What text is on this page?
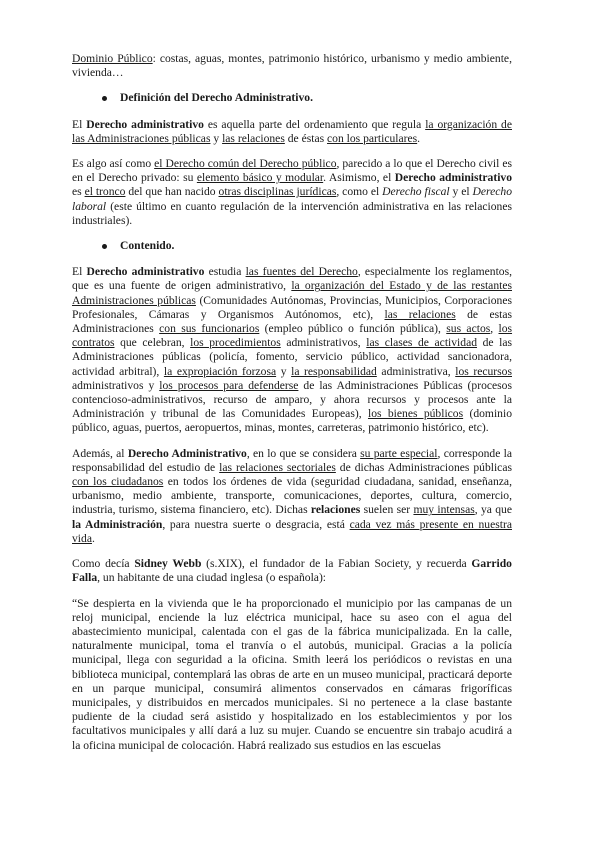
Dominio Público: costas, aguas, montes, patrimonio histórico, urbanismo y medio ambiente, vivienda…

Definición del Derecho Administrativo.

El Derecho administrativo es aquella parte del ordenamiento que regula la organización de las Administraciones públicas y las relaciones de éstas con los particulares.

Es algo así como el Derecho común del Derecho público, parecido a lo que el Derecho civil es en el Derecho privado: su elemento básico y modular. Asimismo, el Derecho administrativo es el tronco del que han nacido otras disciplinas jurídicas, como el Derecho fiscal y el Derecho laboral (este último en cuanto regulación de la intervención administrativa en las relaciones industriales).

Contenido.

El Derecho administrativo estudia las fuentes del Derecho, especialmente los reglamentos, que es una fuente de origen administrativo, la organización del Estado y de las restantes Administraciones públicas (Comunidades Autónomas, Provincias, Municipios, Corporaciones Profesionales, Cámaras y Organismos Autónomos, etc), las relaciones de estas Administraciones con sus funcionarios (empleo público o función pública), sus actos, los contratos que celebran, los procedimientos administrativos, las clases de actividad de las Administraciones públicas (policía, fomento, servicio público, actividad sancionadora, actividad arbitral), la expropiación forzosa y la responsabilidad administrativa, los recursos administrativos y los procesos para defenderse de las Administraciones Públicas (procesos contencioso-administrativos, recurso de amparo, y ahora recursos y procesos ante la Administración y tribunal de las Comunidades Europeas), los bienes públicos (dominio público, aguas, puertos, aeropuertos, minas, montes, carreteras, patrimonio histórico, etc).

Además, al Derecho Administrativo, en lo que se considera su parte especial, corresponde la responsabilidad del estudio de las relaciones sectoriales de dichas Administraciones públicas con los ciudadanos en todos los órdenes de vida (seguridad ciudadana, sanidad, enseñanza, urbanismo, medio ambiente, transporte, comunicaciones, deportes, cultura, comercio, industria, turismo, sistema financiero, etc). Dichas relaciones suelen ser muy intensas, ya que la Administración, para nuestra suerte o desgracia, está cada vez más presente en nuestra vida.

Como decía Sidney Webb (s.XIX), el fundador de la Fabian Society, y recuerda Garrido Falla, un habitante de una ciudad inglesa (o española):

“Se despierta en la vivienda que le ha proporcionado el municipio por las campanas de un reloj municipal, enciende la luz eléctrica municipal, hace su aseo con el agua del abastecimiento municipal, calentada con el gas de la fábrica municipalizada. En la calle, naturalmente municipal, toma el tranvía o el autobús, municipal. Gracias a la policía municipal, llega con seguridad a la oficina. Smith leerá los periódicos o revistas en una biblioteca municipal, contemplará las obras de arte en un museo municipal, practicará deporte en un parque municipal, consumirá alimentos conservados en cámaras frigoríficas municipales, y distribuidos en mercados municipales. Si no pertenece a la clase bastante pudiente de la ciudad será asistido y hospitalizado en los establecimientos y por los facultativos municipales y allí dará a luz su mujer. Cuando se encuentre sin trabajo acudirá a la oficina municipal de colocación. Habrá realizado sus estudios en las escuelas
